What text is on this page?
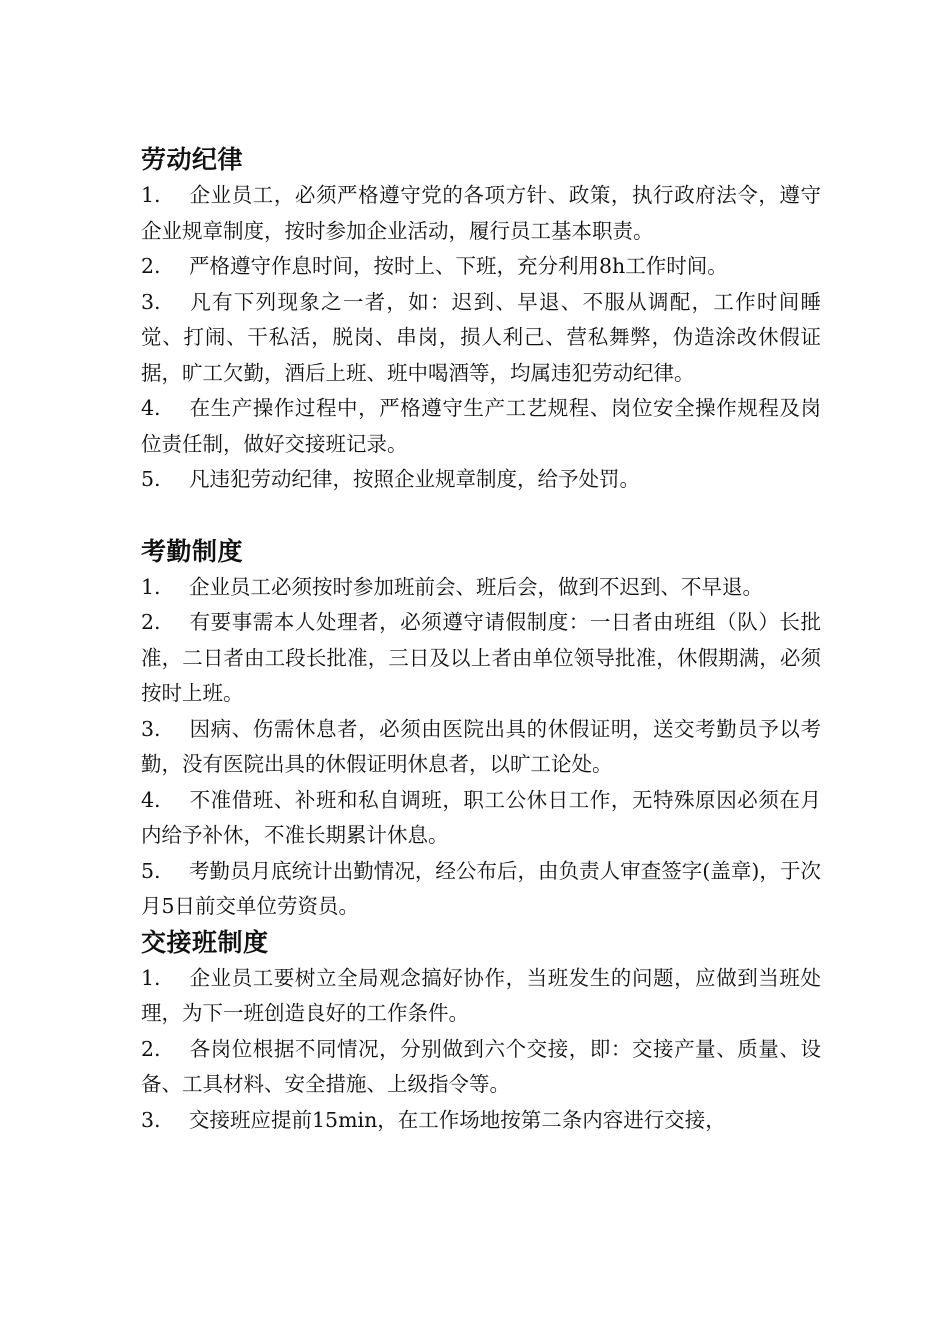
劳动纪律

1. 企业员工，必须严格遵守党的各项方针、政策，执行政府法令，遵守企业规章制度，按时参加企业活动，履行员工基本职责。

2. 严格遵守作息时间，按时上、下班，充分利用8h工作时间。

3. 凡有下列现象之一者，如：迟到、早退、不服从调配，工作时间睡觉、打闹、干私活，脱岗、串岗，损人利己、营私舞弊，伪造涂改休假证据，旷工欠勤，酒后上班、班中喝酒等，均属违犯劳动纪律。

4. 在生产操作过程中，严格遵守生产工艺规程、岗位安全操作规程及岗位责任制，做好交接班记录。

5. 凡违犯劳动纪律，按照企业规章制度，给予处罚。

考勤制度

1. 企业员工必须按时参加班前会、班后会，做到不迟到、不早退。

2. 有要事需本人处理者，必须遵守请假制度：一日者由班组（队）长批准，二日者由工段长批准，三日及以上者由单位领导批准，休假期满，必须按时上班。

3. 因病、伤需休息者，必须由医院出具的休假证明，送交考勤员予以考勤，没有医院出具的休假证明休息者，以旷工论处。

4. 不准借班、补班和私自调班，职工公休日工作，无特殊原因必须在月内给予补休，不准长期累计休息。

5. 考勤员月底统计出勤情况，经公布后，由负责人审查签字(盖章)，于次月5日前交单位劳资员。

交接班制度

1. 企业员工要树立全局观念搞好协作，当班发生的问题，应做到当班处理，为下一班创造良好的工作条件。

2. 各岗位根据不同情况，分别做到六个交接，即：交接产量、质量、设备、工具材料、安全措施、上级指令等。

3. 交接班应提前15min，在工作场地按第二条内容进行交接，
